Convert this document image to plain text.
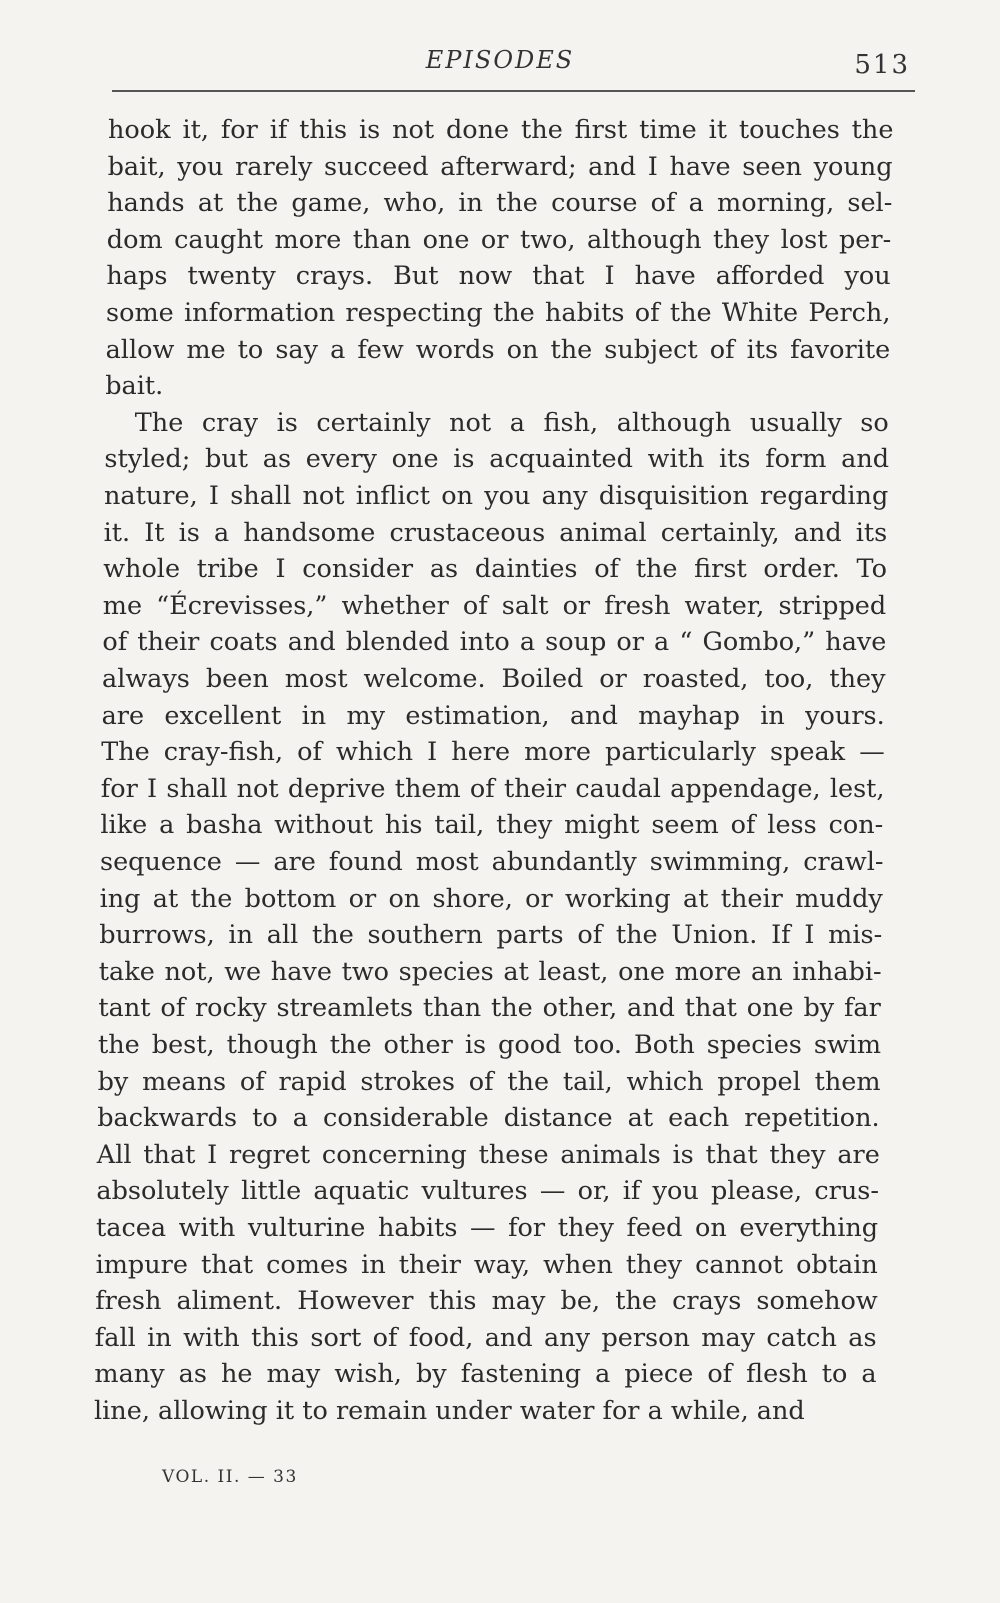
EPISODES	513
hook it, for if this is not done the first time it touches the
bait, you rarely succeed afterward; and I have seen young
hands at the game, who, in the course of a morning, sel-
dom caught more than one or two, although they lost per-
haps twenty crays. But now that I have afforded you
some information respecting the habits of the White Perch,
allow me to say a few words on the subject of its favorite
bait.
The cray is certainly not a fish, although usually so
styled; but as every one is acquainted with its form and
nature, I shall not inflict on you any disquisition regarding
it. It is a handsome crustaceous animal certainly, and its
whole tribe I consider as dainties of the first order. To
me “Écrevisses,” whether of salt or fresh water, stripped
of their coats and blended into a soup or a “ Gombo,” have
always been most welcome. Boiled or roasted, too, they
are excellent in my estimation, and mayhap in yours.
The cray-fish, of which I here more particularly speak —
for I shall not deprive them of their caudal appendage, lest,
like a basha without his tail, they might seem of less con-
sequence — are found most abundantly swimming, crawl-
ing at the bottom or on shore, or working at their muddy
burrows, in all the southern parts of the Union. If I mis-
take not, we have two species at least, one more an inhabi-
tant of rocky streamlets than the other, and that one by far
the best, though the other is good too. Both species swim
by means of rapid strokes of the tail, which propel them
backwards to a considerable distance at each repetition.
All that I regret concerning these animals is that they are
absolutely little aquatic vultures — or, if you please, crus-
tacea with vulturine habits — for they feed on everything
impure that comes in their way, when they cannot obtain
fresh aliment. However this may be, the crays somehow
fall in with this sort of food, and any person may catch as
many as he may wish, by fastening a piece of flesh to a
line, allowing it to remain under water for a while, and
VOL. II. — 33
